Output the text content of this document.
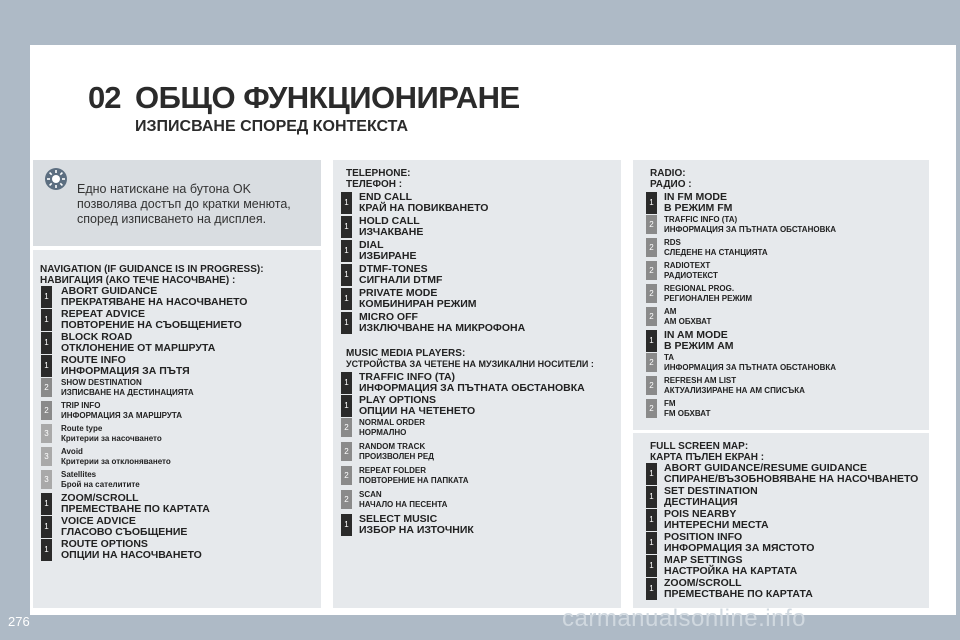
02 ОБЩО ФУНКЦИОНИРАНЕ
ИЗПИСВАНЕ СПОРЕД КОНТЕКСТА
Едно натискане на бутона OK позволява достъп до кратки менюта, според изписването на дисплея.
NAVIGATION (IF GUIDANCE IS IN PROGRESS):
НАВИГАЦИЯ (АКО ТЕЧЕ НАСОЧВАНЕ) :
1	ABORT GUIDANCE
ПРЕКРАТЯВАНЕ НА НАСОЧВАНЕТО
1	REPEAT ADVICE
ПОВТОРЕНИЕ НА СЪОБЩЕНИЕТО
1	BLOCK ROAD
ОТКЛОНЕНИЕ ОТ МАРШРУТА
1	ROUTE INFO
ИНФОРМАЦИЯ ЗА ПЪТЯ
2
SHOW DESTINATION
ИЗПИСВАНЕ НА ДЕСТИНАЦИЯТА
2
TRIP INFO
ИНФОРМАЦИЯ ЗА МАРШРУТА
3
Route type
Критерии за насочването
3
Avoid
Критерии за отклоняването
3
Satellites
Брой на сателитите
1	ZOOM/SCROLL
ПРЕМЕСТВАНЕ ПО КАРТАТА
1	VOICE ADVICE
ГЛАСОВО СЪОБЩЕНИЕ
1	ROUTE OPTIONS
ОПЦИИ НА НАСОЧВАНЕТО
TELEPHONE:
ТЕЛЕФОН :
1 END CALL
КРАЙ НА ПОВИКВАНЕТО
1 HOLD CALL
ИЗЧАКВАНЕ
1 DIAL
ИЗБИРАНЕ
1 DTMF-TONES
СИГНАЛИ DTMF
1 PRIVATE MODE
КОМБИНИРАН РЕЖИМ
1 MICRO OFF
ИЗКЛЮЧВАНЕ НА МИКРОФОНА
MUSIC MEDIA PLAYERS:
УСТРОЙСТВА ЗА ЧЕТЕНЕ НА МУЗИКАЛНИ НОСИТЕЛИ :
1 TRAFFIC INFO (TA)
ИНФОРМАЦИЯ ЗА ПЪТНАТА ОБСТАНОВКА
1 PLAY OPTIONS
ОПЦИИ НА ЧЕТЕНЕТО
2
NORMAL ORDER
НОРМАЛНО
2
RANDOM TRACK
ПРОИЗВОЛЕН РЕД
2
REPEAT FOLDER
ПОВТОРЕНИЕ НА ПАПКАТА
2
SCAN
НАЧАЛО НА ПЕСЕНТА
1 SELECT MUSIC
ИЗБОР НА ИЗТОЧНИК
RADIO:
РАДИО :
1 IN FM MODE
В РЕЖИМ FM
2
TRAFFIC INFO (TA)
ИНФОРМАЦИЯ ЗА ПЪТНАТА ОБСТАНОВКА
2
RDS
СЛЕДЕНЕ НА СТАНЦИЯТА
2
RADIOTEXT
РАДИОТЕКСТ
2
REGIONAL PROG.
РЕГИОНАЛЕН РЕЖИМ
2
AM
AM ОБХВАТ
1 IN AM MODE
В РЕЖИМ AM
2
TA
ИНФОРМАЦИЯ ЗА ПЪТНАТА ОБСТАНОВКА
2
REFRESH AM LIST
АКТУАЛИЗИРАНЕ НА AM СПИСЪКА
2
FM
FM ОБХВАТ
FULL SCREEN MAP:
КАРТА ПЪЛЕН ЕКРАН :
1 ABORT GUIDANCE/RESUME GUIDANCE
СПИРАНЕ/ВЪЗОБНОВЯВАНЕ НА НАСОЧВАНЕТО
1 SET DESTINATION
ДЕСТИНАЦИЯ
1 POIS NEARBY
ИНТЕРЕСНИ МЕСТА
1 POSITION INFO
ИНФОРМАЦИЯ ЗА МЯСТОТО
1 MAP SETTINGS
НАСТРОЙКА НА КАРТАТА
1 ZOOM/SCROLL
ПРЕМЕСТВАНЕ ПО КАРТАТА
276	carmanualsonline.info
